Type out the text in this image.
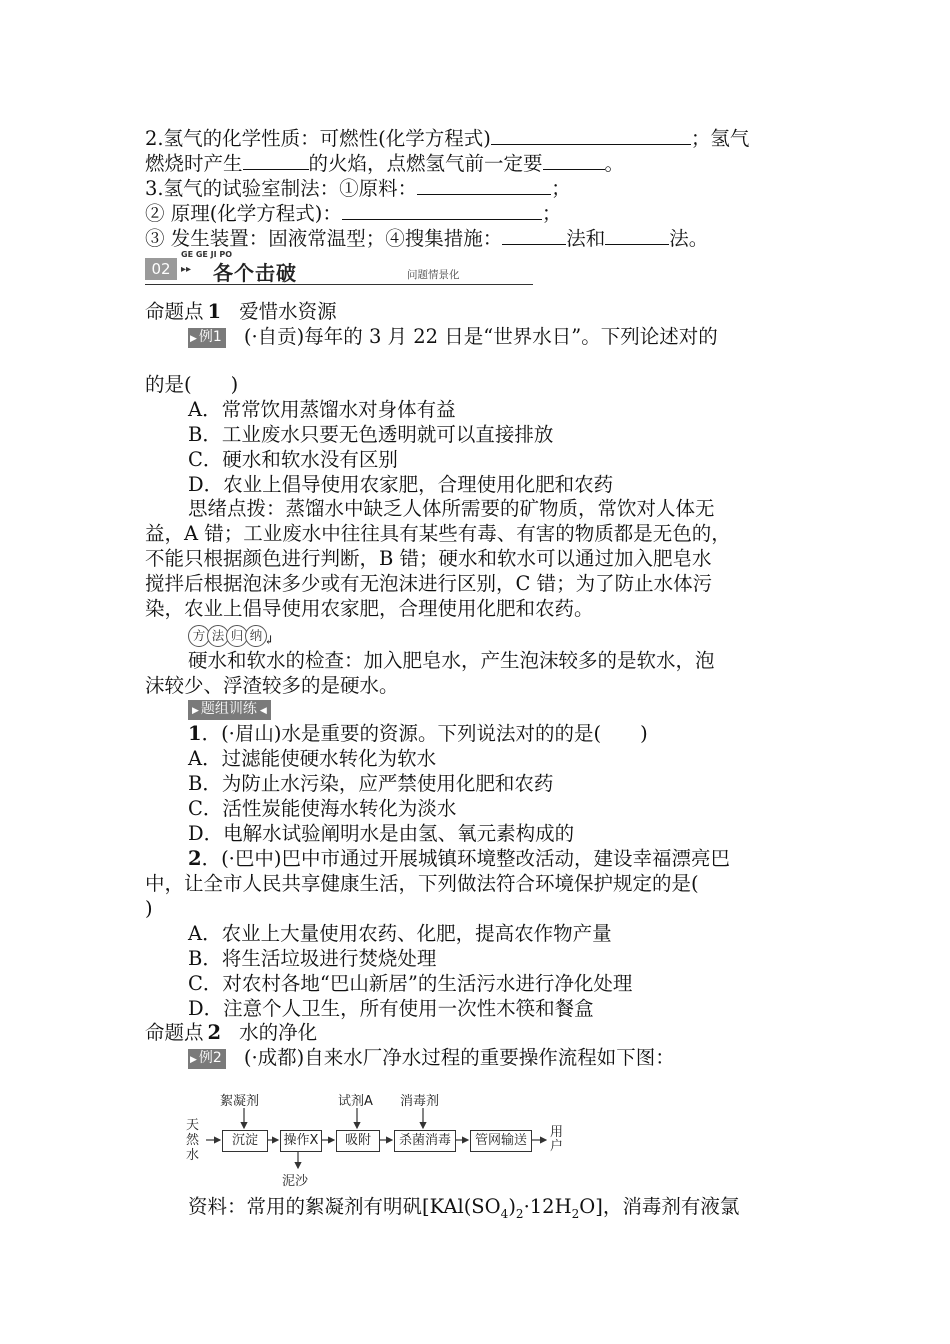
2.氢气的化学性质：可燃性(化学方程式)	；氢气
燃烧时产生	的火焰，点燃氢气前一定要	。
3.氢气的试验室制法：①原料：	；
② 原理(化学方程式)：	；
③ 发生装置：固液常温型；④搜集措施：	法和	法。
02
GE GE JI PO
▸▸ 各个击破	问题情景化
命题点 1 爱惜水资源
▶ 例1 (·自贡)每年的 3 月 22 日是“世界水日”。下列论述对的
的是(　　)
A．常常饮用蒸馏水对身体有益
B．工业废水只要无色透明就可以直接排放
C．硬水和软水没有区别
D．农业上倡导使用农家肥，合理使用化肥和农药
思绪点拨：蒸馏水中缺乏人体所需要的矿物质，常饮对人体无
益，A 错；工业废水中往往具有某些有毒、有害的物质都是无色的，
不能只根据颜色进行判断，B 错；硬水和软水可以通过加入肥皂水
搅拌后根据泡沫多少或有无泡沫进行区别，C 错；为了防止水体污
染，农业上倡导使用农家肥，合理使用化肥和农药。
方 法 归 纳 $_↲$
硬水和软水的检查：加入肥皂水，产生泡沫较多的是软水，泡
沫较少、浮渣较多的是硬水。
▶ 题组训练 ◀
1．(·眉山)水是重要的资源。下列说法对的的是(　　)
A．过滤能使硬水转化为软水
B．为防止水污染，应严禁使用化肥和农药
C．活性炭能使海水转化为淡水
D．电解水试验阐明水是由氢、氧元素构成的
2．(·巴中)巴中市通过开展城镇环境整改活动，建设幸福漂亮巴
中，让全市人民共享健康生活，下列做法符合环境保护规定的是(
)
A．农业上大量使用农药、化肥，提高农作物产量
B．将生活垃圾进行焚烧处理
C．对农村各地“巴山新居”的生活污水进行净化处理
D．注意个人卫生，所有使用一次性木筷和餐盒
命题点 2 水的净化
▶ 例2 (·成都)自来水厂净水过程的重要操作流程如下图：
天
然
水
沉淀	操作X	吸附	杀菌消毒	管网输送
用
户
絮凝剂	试剂A 消毒剂
泥沙
资料：常用的絮凝剂有明矾$[KAl(SO_4)_2\cdot 12H_2O]$，消毒剂有液氯
